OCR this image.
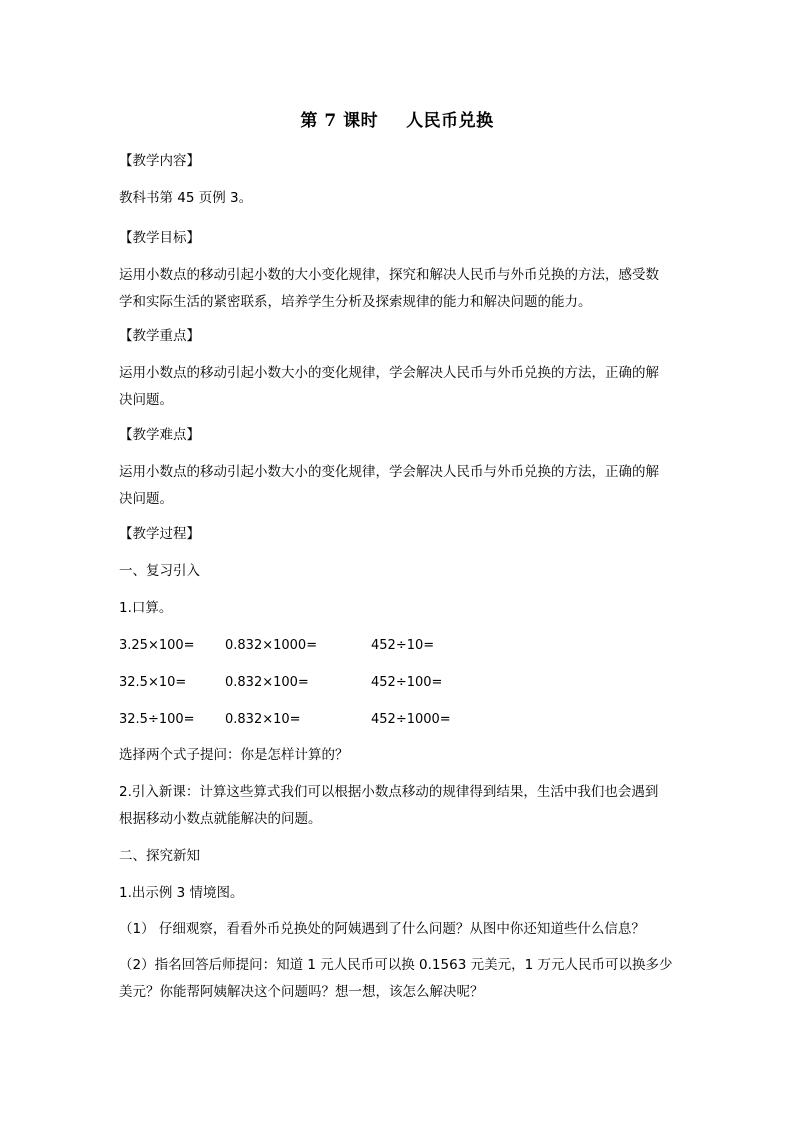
第 7 课时 人民币兑换
【教学内容】
教科书第 45 页例 3。
【教学目标】
运用小数点的移动引起小数的大小变化规律，探究和解决人民币与外币兑换的方法，感受数
学和实际生活的紧密联系，培养学生分析及探索规律的能力和解决问题的能力。
【教学重点】
运用小数点的移动引起小数大小的变化规律，学会解决人民币与外币兑换的方法，正确的解
决问题。
【教学难点】
运用小数点的移动引起小数大小的变化规律，学会解决人民币与外币兑换的方法，正确的解
决问题。
【教学过程】
一、复习引入
1.口算。
3.25×100= 0.832×1000=	452÷10=
32.5×10=	0.832×100=	452÷100=
32.5÷100= 0.832×10=	452÷1000=
选择两个式子提问：你是怎样计算的？
2.引入新课：计算这些算式我们可以根据小数点移动的规律得到结果，生活中我们也会遇到
根据移动小数点就能解决的问题。
二、探究新知
1.出示例 3 情境图。
（1） 仔细观察，看看外币兑换处的阿姨遇到了什么问题？从图中你还知道些什么信息？
（2）指名回答后师提问：知道 1 元人民币可以换 0.1563 元美元，1 万元人民币可以换多少
美元？你能帮阿姨解决这个问题吗？想一想，该怎么解决呢？
